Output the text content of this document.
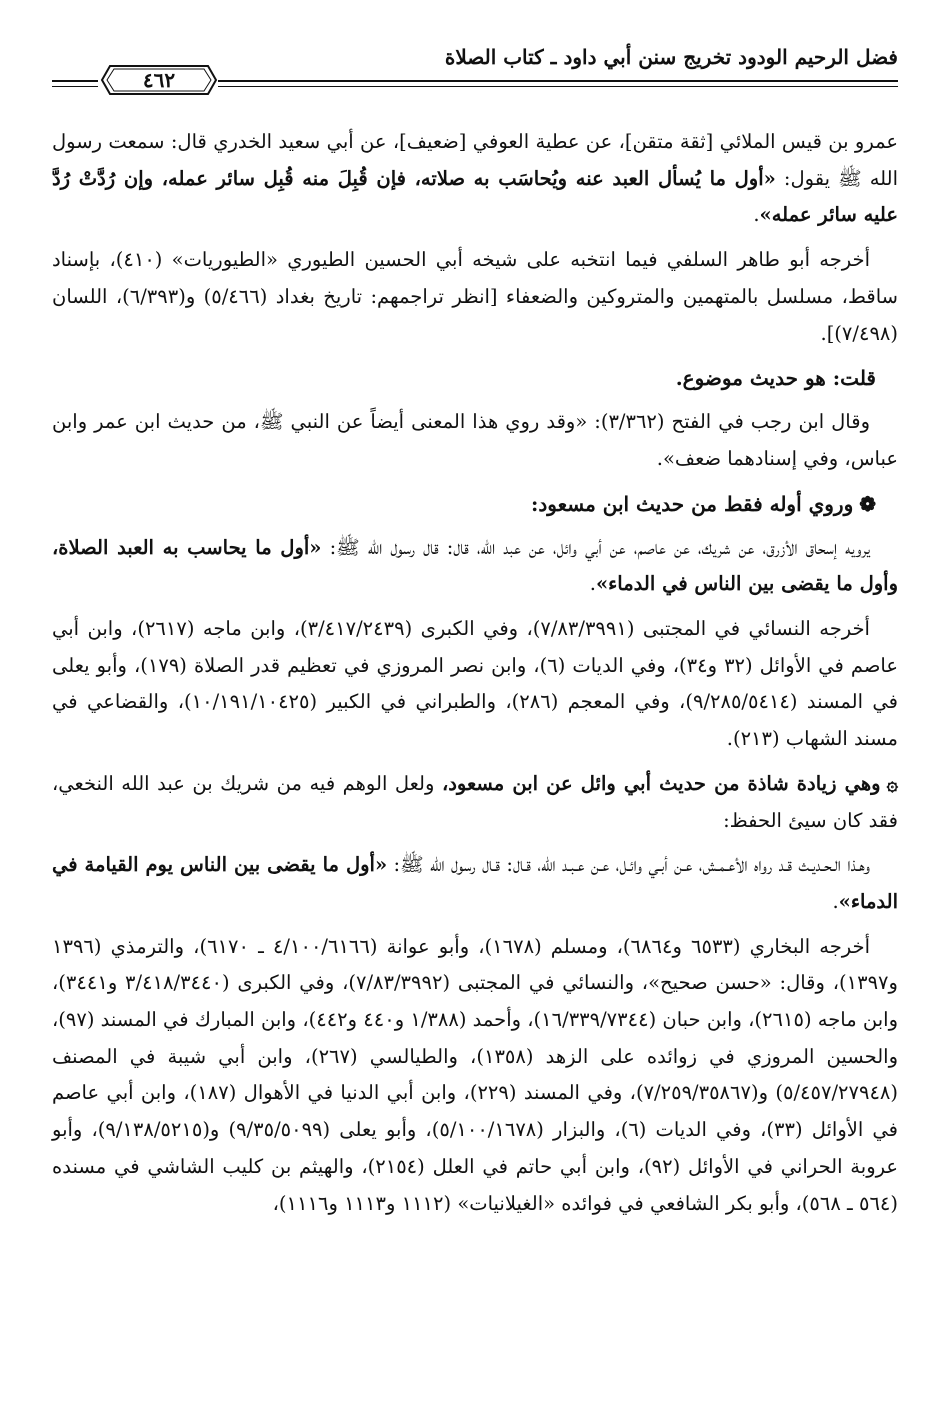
فضل الرحيم الودود تخريج سنن أبي داود ـ كتاب الصلاة
٤٦٢

عمرو بن قيس الملائي [ثقة متقن]، عن عطية العوفي [ضعيف]، عن أبي سعيد الخدري قال: سمعت رسول الله ﷺ يقول: «أول ما يُسأل العبد عنه ويُحاسَب به صلاته، فإن قُبِلَ منه قُبِل سائر عمله، وإن رُدَّتْ رُدَّ عليه سائر عمله».

أخرجه أبو طاهر السلفي فيما انتخبه على شيخه أبي الحسين الطيوري «الطيوريات» (٤١٠)، بإسناد ساقط، مسلسل بالمتهمين والمتروكين والضعفاء [انظر تراجمهم: تاريخ بغداد (٥/٤٦٦) و(٦/٣٩٣)، اللسان (٧/٤٩٨)].

قلت: هو حديث موضوع.

وقال ابن رجب في الفتح (٣/٣٦٢): «وقد روي هذا المعنى أيضاً عن النبي ﷺ، من حديث ابن عمر وابن عباس، وفي إسنادهما ضعف».

❁وروي أوله فقط من حديث ابن مسعود:

يرويه إسحاق الأزرق، عن شريك، عن عاصم، عن أبي وائل، عن عبد الله، قال: قال رسول الله ﷺ: «أول ما يحاسب به العبد الصلاة، وأول ما يقضى بين الناس في الدماء».

أخرجه النسائي في المجتبى (٧/٨٣/٣٩٩١)، وفي الكبرى (٣/٤١٧/٢٤٣٩)، وابن ماجه (٢٦١٧)، وابن أبي عاصم في الأوائل (٣٢ و٣٤)، وفي الديات (٦)، وابن نصر المروزي في تعظيم قدر الصلاة (١٧٩)، وأبو يعلى في المسند (٩/٢٨٥/٥٤١٤)، وفي المعجم (٢٨٦)، والطبراني في الكبير (١٠/١٩١/١٠٤٢٥)، والقضاعي في مسند الشهاب (٢١٣).

۞وهي زيادة شاذة من حديث أبي وائل عن ابن مسعود، ولعل الوهم فيه من شريك بن عبد الله النخعي، فقد كان سيئ الحفظ:

وهـذا الـحـديـث قـد رواه الأعـمـش، عـن أبـي وائـل، عـن عـبـد الله، قـال: قـال رسول الله ﷺ: «أول ما يقضى بين الناس يوم القيامة في الدماء».

أخرجه البخاري (٦٥٣٣ و٦٨٦٤)، ومسلم (١٦٧٨)، وأبو عوانة (٤/١٠٠/٦١٦٦ ـ ٦١٧٠)، والترمذي (١٣٩٦ و١٣٩٧)، وقال: «حسن صحيح»، والنسائي في المجتبى (٧/٨٣/٣٩٩٢)، وفي الكبرى (٣/٤١٨/٣٤٤٠ و٣٤٤١)، وابن ماجه (٢٦١٥)، وابن حبان (١٦/٣٣٩/٧٣٤٤)، وأحمد (١/٣٨٨ و٤٤٠ و٤٤٢)، وابن المبارك في المسند (٩٧)، والحسين المروزي في زوائده على الزهد (١٣٥٨)، والطيالسي (٢٦٧)، وابن أبي شيبة في المصنف (٥/٤٥٧/٢٧٩٤٨) و(٧/٢٥٩/٣٥٨٦٧)، وفي المسند (٢٢٩)، وابن أبي الدنيا في الأهوال (١٨٧)، وابن أبي عاصم في الأوائل (٣٣)، وفي الديات (٦)، والبزار (٥/١٠٠/١٦٧٨)، وأبو يعلى (٩/٣٥/٥٠٩٩) و(٩/١٣٨/٥٢١٥)، وأبو عروبة الحراني في الأوائل (٩٢)، وابن أبي حاتم في العلل (٢١٥٤)، والهيثم بن كليب الشاشي في مسنده (٥٦٤ ـ ٥٦٨)، وأبو بكر الشافعي في فوائده «الغيلانيات» (١١١٢ و١١١٣ و١١١٦)،
